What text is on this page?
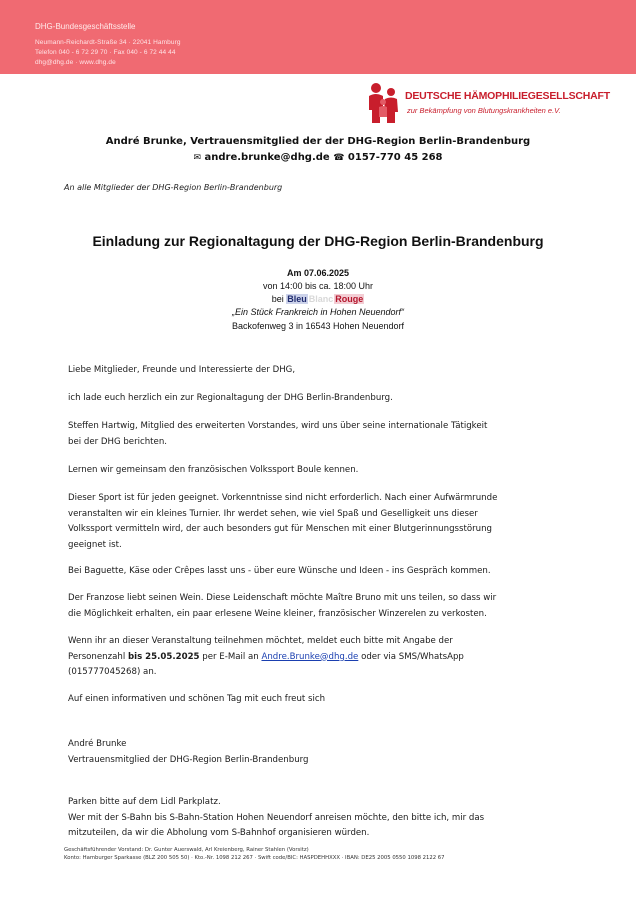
DHG-Bundesgeschäftsstelle
Neumann-Reichardt-Straße 34 · 22041 Hamburg
Telefon 040 - 6 72 29 70 · Fax 040 - 6 72 44 44
dhg@dhg.de · www.dhg.de
DEUTSCHE HÄMOPHILIEGESELLSCHAFT
zur Bekämpfung von Blutungskrankheiten e.V.
André Brunke, Vertrauensmitglied der der DHG-Region Berlin-Brandenburg
✉ andre.brunke@dhg.de ☎ 0157-770 45 268
An alle Mitglieder der DHG-Region Berlin-Brandenburg
Einladung zur Regionaltagung der DHG-Region Berlin-Brandenburg
Am 07.06.2025
von 14:00 bis ca. 18:00 Uhr
bei Bleu Blanc Rouge
„Ein Stück Frankreich in Hohen Neuendorf“
Backofenweg 3 in 16543 Hohen Neuendorf
Liebe Mitglieder, Freunde und Interessierte der DHG,
ich lade euch herzlich ein zur Regionaltagung der DHG Berlin-Brandenburg.
Steffen Hartwig, Mitglied des erweiterten Vorstandes, wird uns über seine internationale Tätigkeit
bei der DHG berichten.
Lernen wir gemeinsam den französischen Volkssport Boule kennen.
Dieser Sport ist für jeden geeignet. Vorkenntnisse sind nicht erforderlich. Nach einer Aufwärmrunde
veranstalten wir ein kleines Turnier. Ihr werdet sehen, wie viel Spaß und Geselligkeit uns dieser
Volkssport vermitteln wird, der auch besonders gut für Menschen mit einer Blutgerinnungsstörung
geeignet ist.
Bei Baguette, Käse oder Crêpes lasst uns - über eure Wünsche und Ideen - ins Gespräch kommen.
Der Franzose liebt seinen Wein. Diese Leidenschaft möchte Maître Bruno mit uns teilen, so dass wir
die Möglichkeit erhalten, ein paar erlesene Weine kleiner, französischer Winzerelen zu verkosten.
Wenn ihr an dieser Veranstaltung teilnehmen möchtet, meldet euch bitte mit Angabe der
Personenzahl bis 25.05.2025 per E-Mail an Andre.Brunke@dhg.de oder via SMS/WhatsApp
(015777045268) an.
Auf einen informativen und schönen Tag mit euch freut sich
André Brunke
Vertrauensmitglied der DHG-Region Berlin-Brandenburg
Parken bitte auf dem Lidl Parkplatz.
Wer mit der S-Bahn bis S-Bahn-Station Hohen Neuendorf anreisen möchte, den bitte ich, mir das
mitzuteilen, da wir die Abholung vom S-Bahnhof organisieren würden.
Geschäftsführender Vorstand: Dr. Gunter Auerswald, Arl Kreienberg, Rainer Stahlen (Vorsitz)
Konto: Hamburger Sparkasse (BLZ 200 505 50) · Kto.-Nr. 1098 212 267 · Swift code/BIC: HASPDEHHXXX · IBAN: DE25 2005 0550 1098 2122 67
